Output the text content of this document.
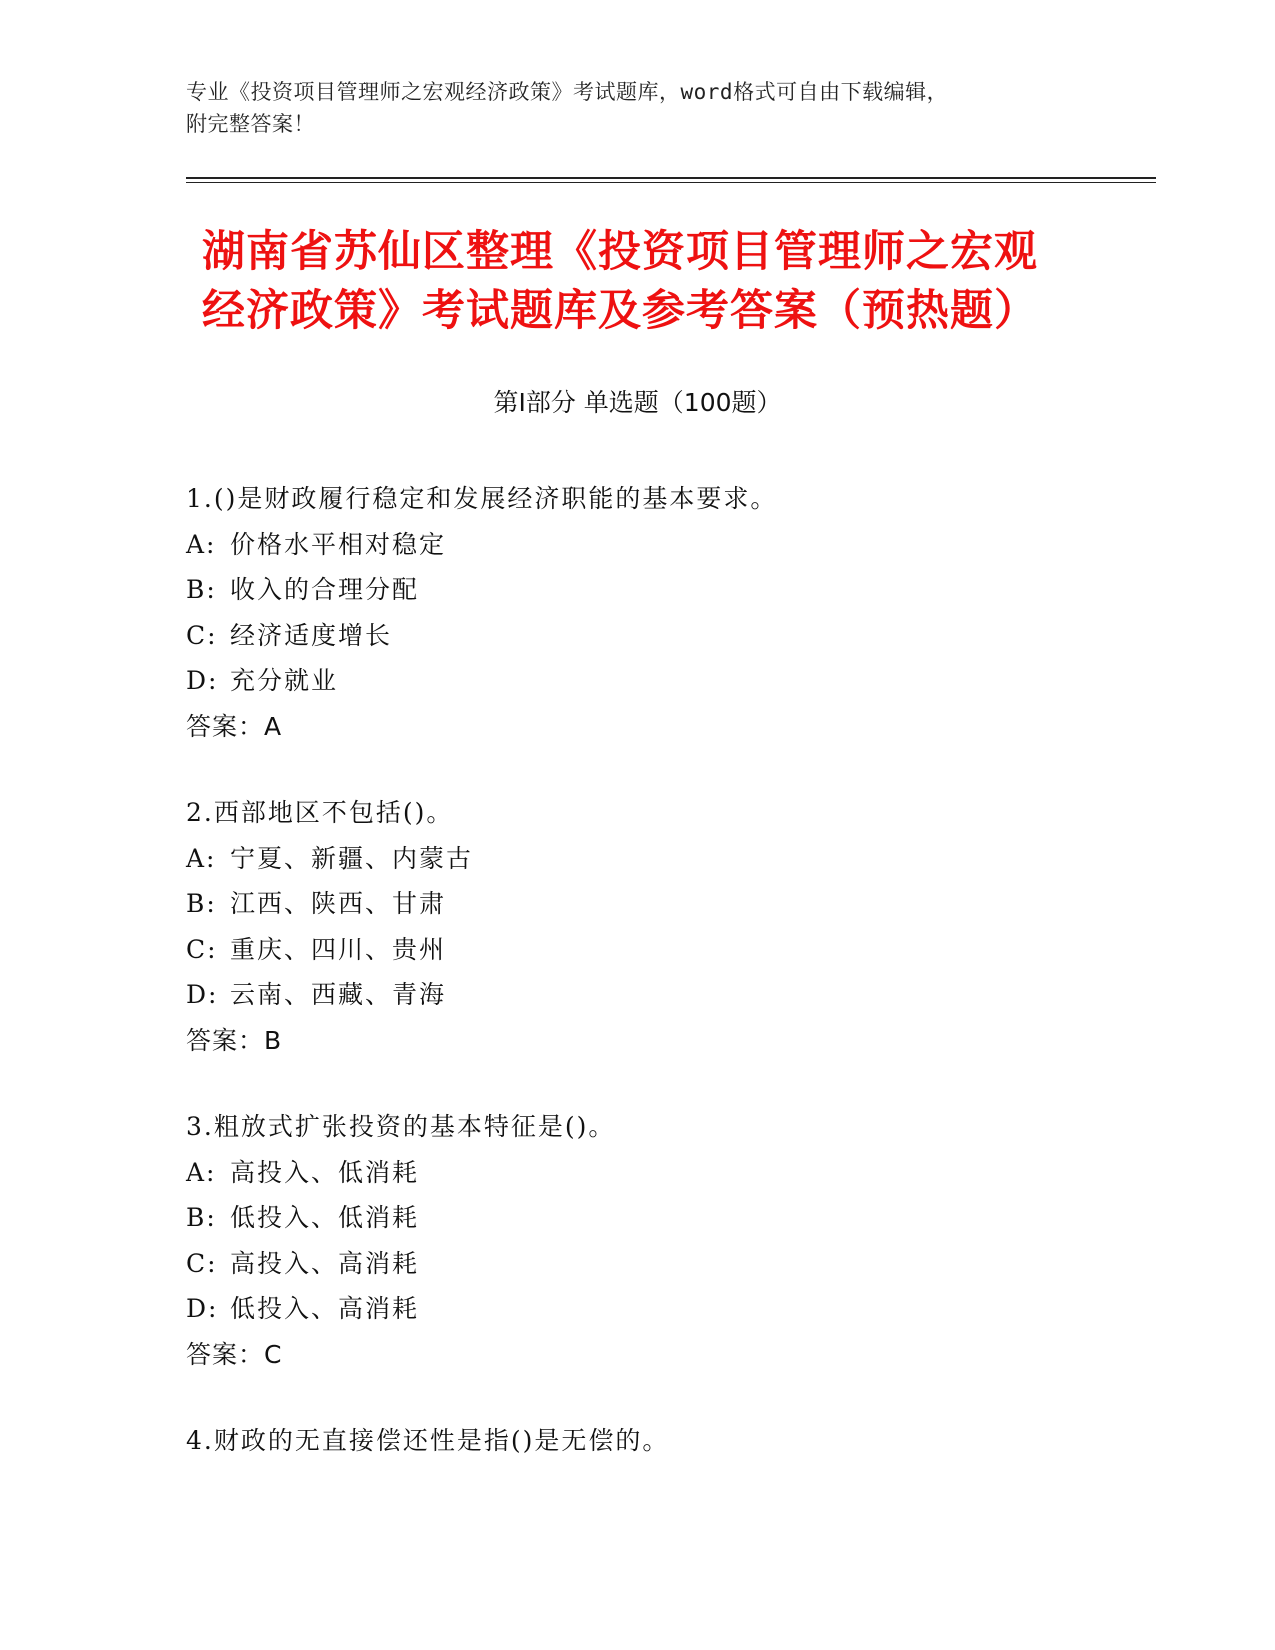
专业《投资项目管理师之宏观经济政策》考试题库，word格式可自由下载编辑，
附完整答案！
湖南省苏仙区整理《投资项目管理师之宏观
经济政策》考试题库及参考答案（预热题）
第Ⅰ部分 单选题（100题）
1.()是财政履行稳定和发展经济职能的基本要求。
A: 价格水平相对稳定
B: 收入的合理分配
C: 经济适度增长
D: 充分就业
答案：A
2.西部地区不包括()。
A: 宁夏、新疆、内蒙古
B: 江西、陕西、甘肃
C: 重庆、四川、贵州
D: 云南、西藏、青海
答案：B
3.粗放式扩张投资的基本特征是()。
A: 高投入、低消耗
B: 低投入、低消耗
C: 高投入、高消耗
D: 低投入、高消耗
答案：C
4.财政的无直接偿还性是指()是无偿的。
